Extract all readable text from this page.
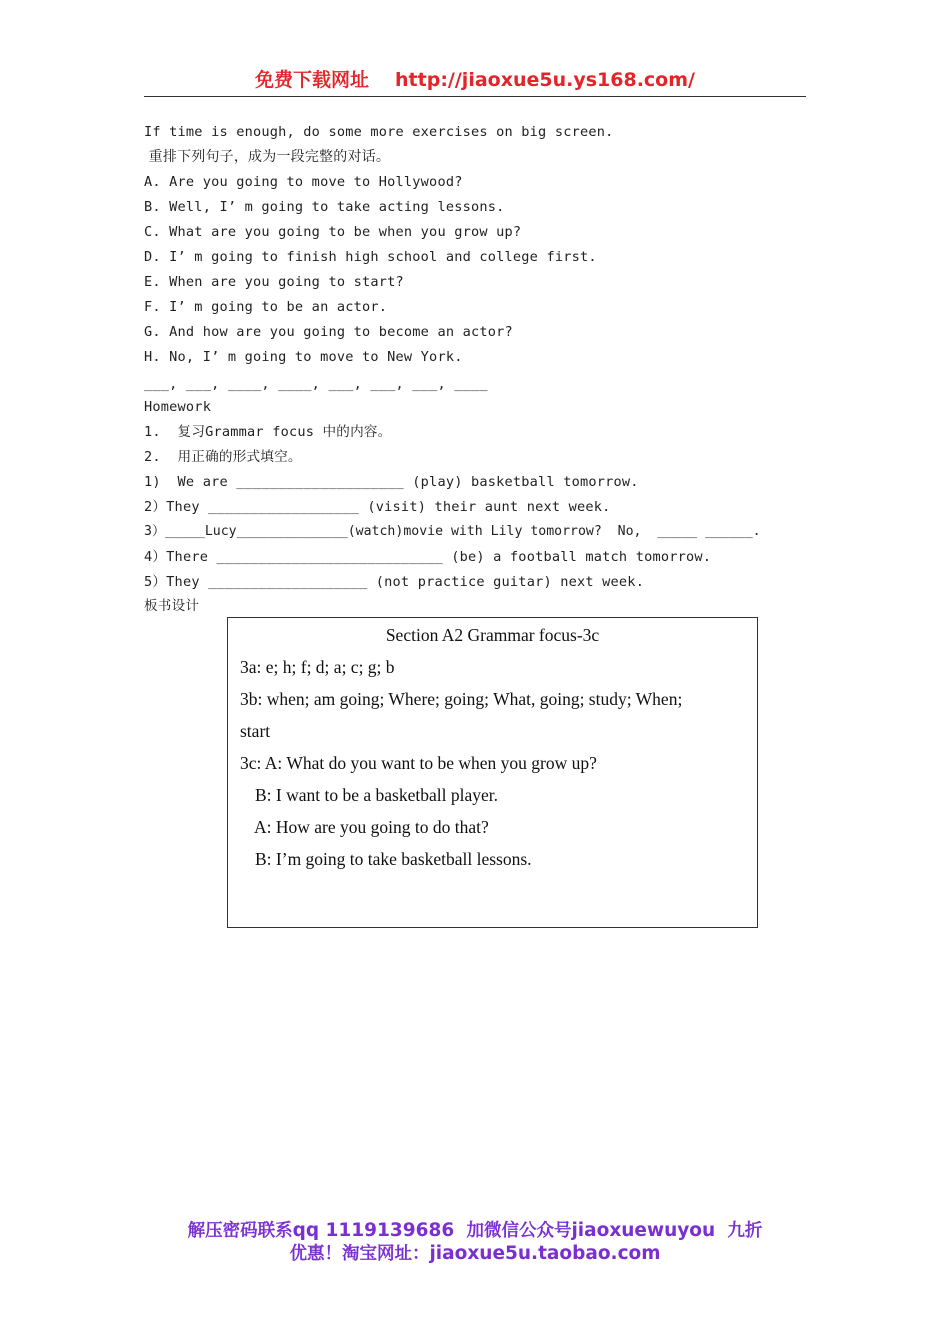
免费下载网址 http://jiaoxue5u.ys168.com/
If time is enough, do some more exercises on big screen.
重排下列句子，成为一段完整的对话。
A. Are you going to move to Hollywood?
B. Well, I’ m going to take acting lessons.
C. What are you going to be when you grow up?
D. I’ m going to finish high school and college first.
E. When are you going to start?
F. I’ m going to be an actor.
G. And how are you going to become an actor?
H. No, I’ m going to move to New York.
___, ___, ____, ____, ___, ___, ___, ____
Homework
1.  复习Grammar focus 中的内容。
2.  用正确的形式填空。
1)  We are ____________________ (play) basketball tomorrow.
2）They __________________ (visit) their aunt next week.
3）_____Lucy______________(watch)movie with Lily tomorrow?  No,  _____ ______.
4）There ___________________________ (be) a football match tomorrow.
5）They ___________________ (not practice guitar) next week.
板书设计
Section A2 Grammar focus-3c
3a: e; h; f; d; a; c; g; b
3b: when; am going; Where; going; What, going; study; When;
start
3c: A: What do you want to be when you grow up?
B: I want to be a basketball player.
A: How are you going to do that?
B: I’m going to take basketball lessons.
解压密码联系qq 1119139686 加微信公众号jiaoxuewuyou 九折
优惠！淘宝网址：jiaoxue5u.taobao.com
